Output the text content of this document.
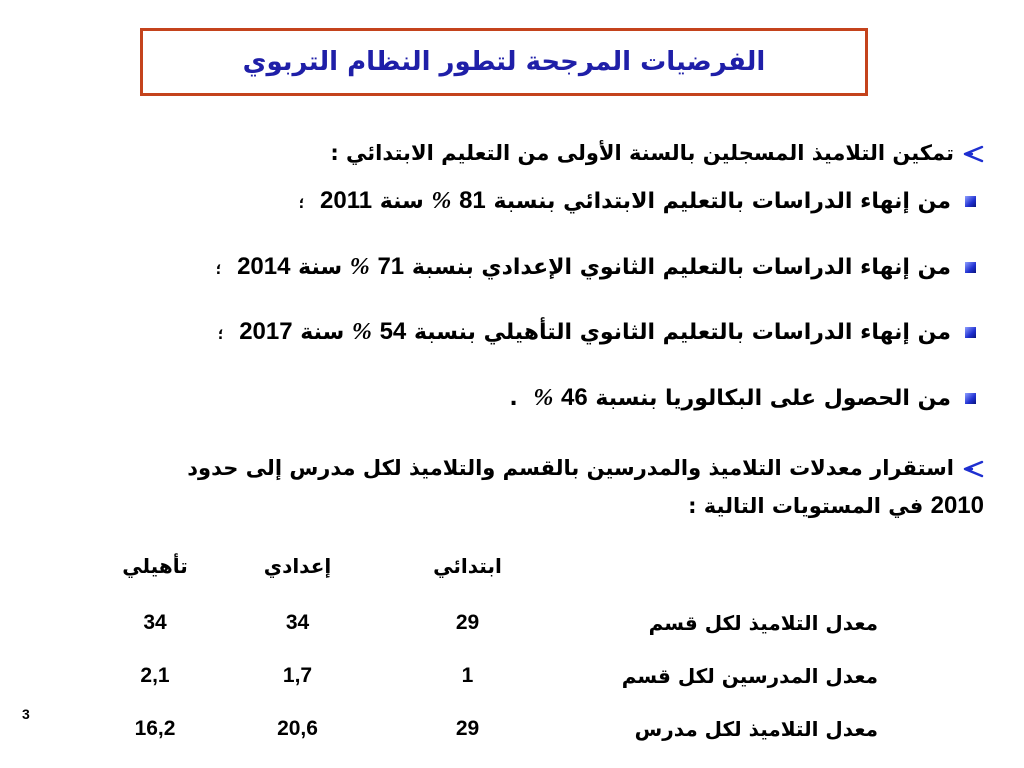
الفرضيات المرجحة لتطور النظام التربوي
تمكين التلاميذ المسجلين بالسنة الأولى من التعليم الابتدائي :
من إنهاء الدراسات بالتعليم الابتدائي بنسبة 81 % سنة 2011 ؛
من إنهاء الدراسات بالتعليم الثانوي الإعدادي بنسبة 71 % سنة 2014 ؛
من إنهاء الدراسات بالتعليم الثانوي التأهيلي بنسبة 54 % سنة 2017 ؛
من الحصول على البكالوريا بنسبة 46 % .
استقرار معدلات التلاميذ والمدرسين بالقسم والتلاميذ لكل مدرس إلى حدود
2010 في المستويات التالية :
تأهيلي	إعدادي	ابتدائي	
34	34	29	معدل التلاميذ لكل قسم
2,1	1,7	1	معدل المدرسين لكل قسم
16,2	20,6	29	معدل التلاميذ لكل مدرس
3
